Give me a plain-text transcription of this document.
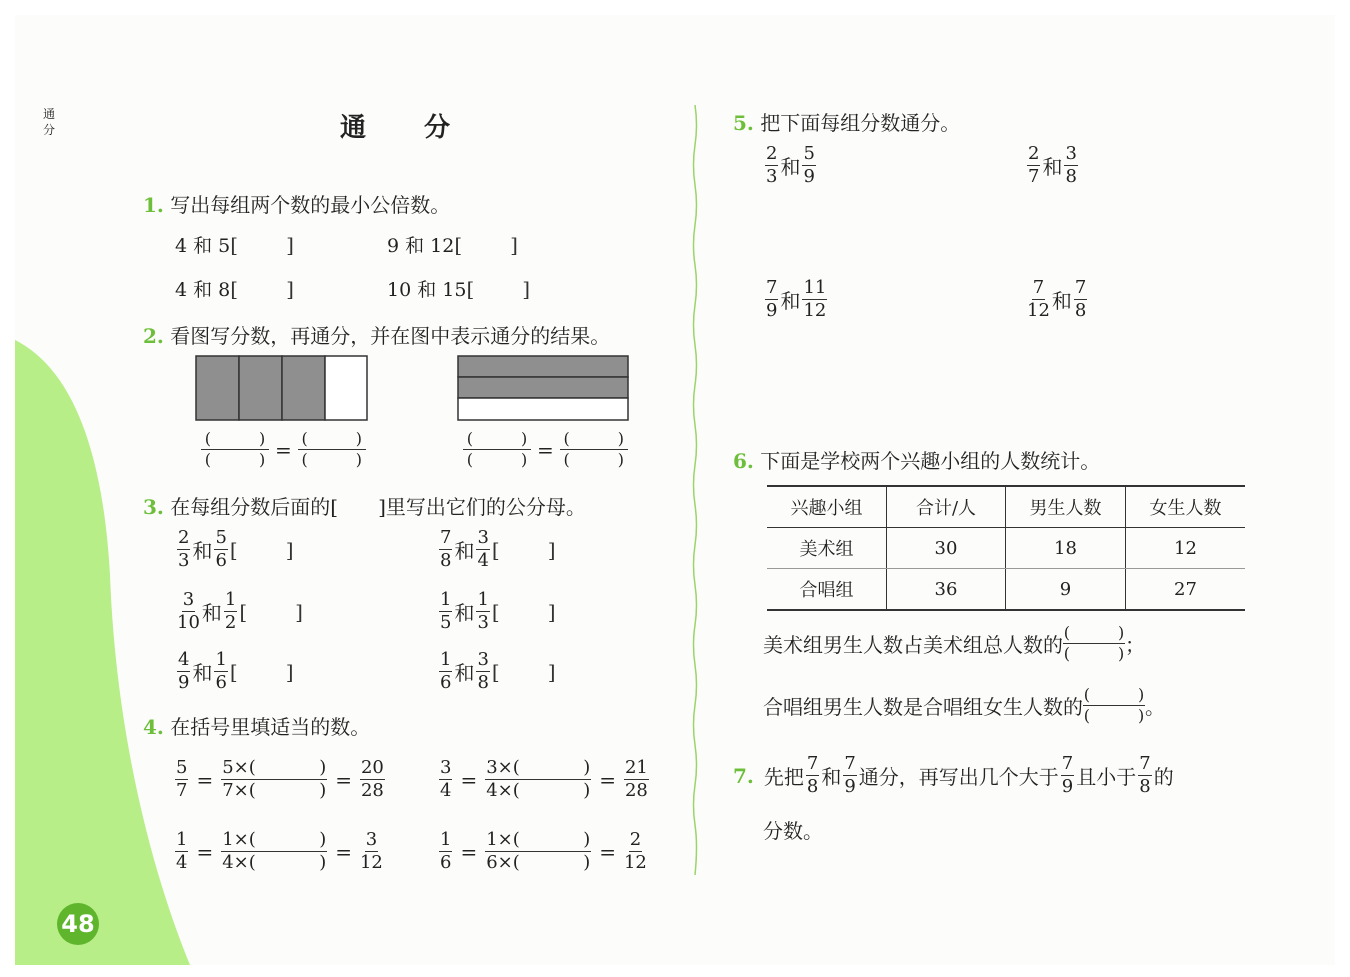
通
分	通　　分
1. 写出每组两个数的最小公倍数。
4 和 5 [ ]	9 和 12 [ ]
4 和 8 [ ]	10 和 15 [ ]
2. 看图写分数，再通分，并在图中表示通分的结果。
(　　　	)
(　　　	) = (　　　	)
(　　　	)
(　　　	)
(　　　	) = (　　　	)
(　　　	)
3. 在每组分数后面的[ ]里写出它们的公分母。
$\frac{2}{3}$ 和 $\frac{5}{6}$ [ ]	$\frac{7}{8}$ 和 $\frac{3}{4}$ [ ]
$\frac{3}{10}$ 和 $\frac{1}{2}$ [ ]	$\frac{1}{5}$ 和 $\frac{1}{3}$ [ ]
$\frac{4}{9}$ 和 $\frac{1}{6}$ [ ]	$\frac{1}{6}$ 和 $\frac{3}{8}$ [ ]
4. 在括号里填适当的数。
$\frac{5}{7} = 5\times$(	)
7×(	) = $\frac{20}{28}$	$\frac{3}{4} = 3\times$(	)
4×(	) = $\frac{21}{28}$
$\frac{1}{4} = 1\times$(	)
4×(	) = $\frac{3}{12}$	$\frac{1}{6} = 1\times$(	)
6×(	) = $\frac{2}{12}$
48
5. 把下面每组分数通分。
$\frac{2}{3}$ 和 $\frac{5}{9}$	$\frac{2}{7}$ 和 $\frac{3}{8}$
$\frac{7}{9}$ 和 $\frac{11}{12}$	$\frac{7}{12}$ 和 $\frac{7}{8}$
6. 下面是学校两个兴趣小组的人数统计。
兴趣小组	合计/人	男生人数	女生人数
美术组	30	18	12
合唱组	36	9	27
美术组男生人数占美术组总人数的
(　　　	)
(　　　	) ；
合唱组男生人数是合唱组女生人数的
(　　　	)
(　　　	) 。
7. 先把 $\frac{7}{8}$ 和 $\frac{7}{9}$ 通分，再写出几个大于 $\frac{7}{9}$ 且小于 $\frac{7}{8}$ 的
分数。
